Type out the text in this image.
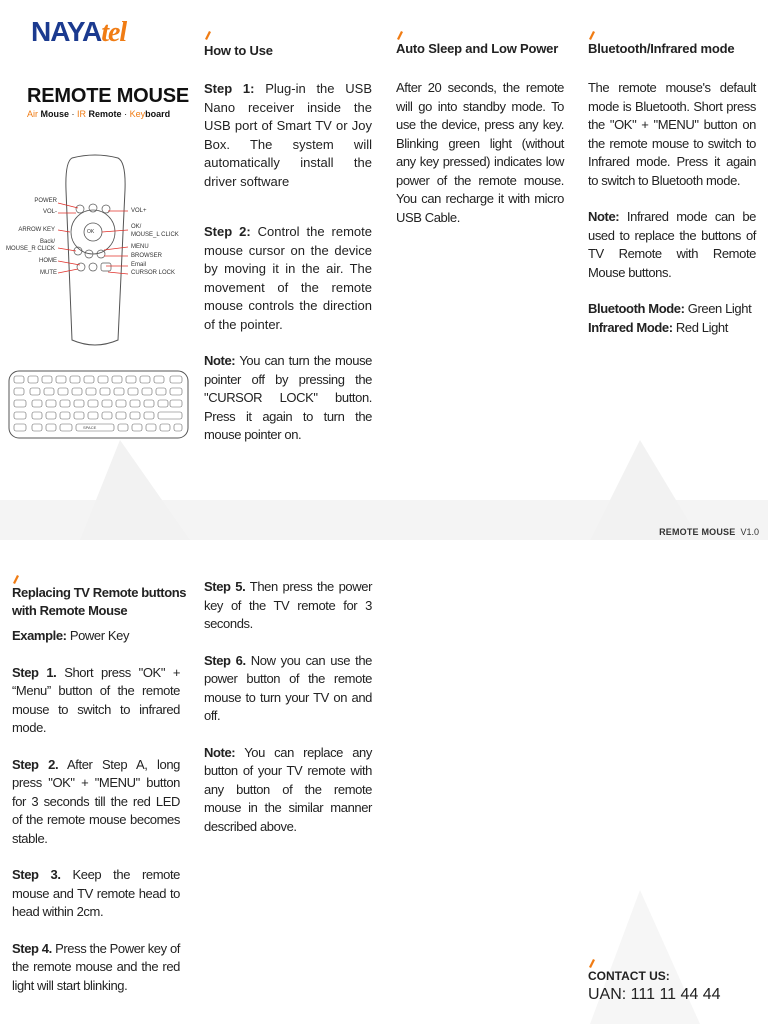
NAYAtel
REMOTE MOUSE
Air Mouse · IR Remote · Keyboard
POWER
VOL-
ARROW KEY
Back/
MOUSE_R CLICK
HOME
MUTE
VOL+
OK/
MOUSE_L CLICK
MENU
BROWSER
Email
CURSOR LOCK
OK
SPACE
How to Use

Step 1: Plug-in the USB Nano receiver inside the USB port of Smart TV or Joy Box. The system will automatically install the driver software

Step 2: Control the remote mouse cursor on the device by moving it in the air. The movement of the remote mouse controls the direction of the pointer.

Note: You can turn the mouse pointer off by pressing the "CURSOR LOCK" button. Press it again to turn the mouse pointer on.

Auto Sleep and Low Power

After 20 seconds, the remote will go into standby mode. To use the device, press any key. Blinking green light (without any key pressed) indicates low power of the remote mouse. You can recharge it with micro USB Cable.

Bluetooth/Infrared mode

The remote mouse's default mode is Bluetooth. Short press the "OK" + "MENU" button on the remote mouse to switch to Infrared mode. Press it again to switch to Bluetooth mode.

Note: Infrared mode can be used to replace the buttons of TV Remote with Remote Mouse buttons.

Bluetooth Mode: Green Light
Infrared Mode: Red Light

REMOTE MOUSE V1.0
Replacing TV Remote buttons
with Remote Mouse

Example: Power Key

Step 1. Short press "OK" + “Menu” button of the remote mouse to switch to infrared mode.

Step 2. After Step A, long press "OK" + "MENU" button for 3 seconds till the red LED of the remote mouse becomes stable.

Step 3. Keep the remote mouse and TV remote head to head within 2cm.

Step 4. Press the Power key of the remote mouse and the red light will start blinking.

Step 5. Then press the power key of the TV remote for 3 seconds.

Step 6. Now you can use the power button of the remote mouse to turn your TV on and off.

Note: You can replace any button of your TV remote with any button of the remote mouse in the similar manner described above.

CONTACT US:
UAN: 111 11 44 44
